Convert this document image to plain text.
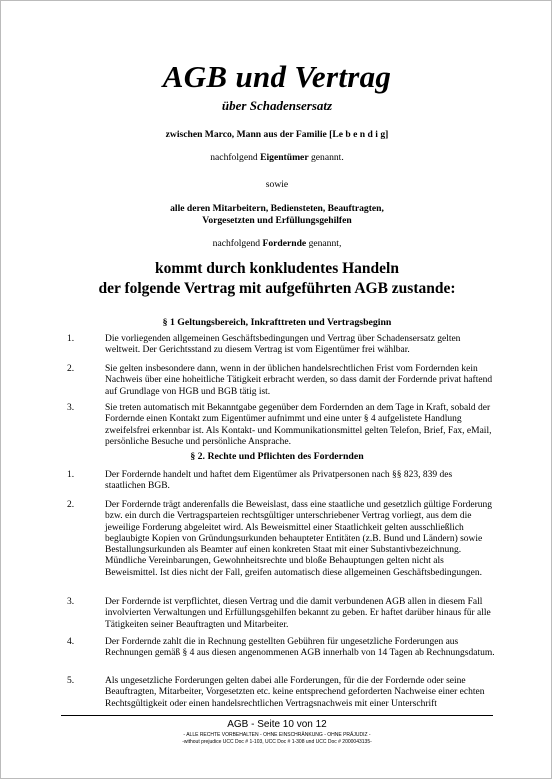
AGB und Vertrag
über Schadensersatz
zwischen Marco, Mann aus der Familie [Le b e n d i g]
nachfolgend Eigentümer genannt.
sowie
alle deren Mitarbeitern, Bediensteten, Beauftragten,
Vorgesetzten und Erfüllungsgehilfen
nachfolgend Fordernde genannt,
kommt durch konkludentes Handeln
der folgende Vertrag mit aufgeführten AGB zustande:
§ 1 Geltungsbereich, Inkrafttreten und Vertragsbeginn
1.	Die vorliegenden allgemeinen Geschäftsbedingungen und Vertrag über Schadensersatz gelten weltweit. Der Gerichtsstand zu diesem Vertrag ist vom Eigentümer frei wählbar.
2.	Sie gelten insbesondere dann, wenn in der üblichen handelsrechtlichen Frist vom Fordernden kein Nachweis über eine hoheitliche Tätigkeit erbracht werden, so dass damit der Fordernde privat haftend auf Grundlage von HGB und BGB tätig ist.
3.	Sie treten automatisch mit Bekanntgabe gegenüber dem Fordernden an dem Tage in Kraft, sobald der Fordernde einen Kontakt zum Eigentümer aufnimmt und eine unter § 4 aufgelistete Handlung zweifelsfrei erkennbar ist. Als Kontakt- und Kommunikationsmittel gelten Telefon, Brief, Fax, eMail, persönliche Besuche und persönliche Ansprache.
§ 2. Rechte und Pflichten des Fordernden
1.	Der Fordernde handelt und haftet dem Eigentümer als Privatpersonen nach §§ 823, 839 des staatlichen BGB.
2.	Der Fordernde trägt anderenfalls die Beweislast, dass eine staatliche und gesetzlich gültige Forderung bzw. ein durch die Vertragsparteien rechtsgültiger unterschriebener Vertrag vorliegt, aus dem die jeweilige Forderung abgeleitet wird. Als Beweismittel einer Staatlichkeit gelten ausschließlich beglaubigte Kopien von Gründungsurkunden behaupteter Entitäten (z.B. Bund und Ländern) sowie Bestallungsurkunden als Beamter auf einen konkreten Staat mit einer Substantivbezeichnung. Mündliche Vereinbarungen, Gewohnheitsrechte und bloße Behauptungen gelten nicht als Beweismittel. Ist dies nicht der Fall, greifen automatisch diese allgemeinen Geschäftsbedingungen.
3.	Der Fordernde ist verpflichtet, diesen Vertrag und die damit verbundenen AGB allen in diesem Fall involvierten Verwaltungen und Erfüllungsgehilfen bekannt zu geben. Er haftet darüber hinaus für alle Tätigkeiten seiner Beauftragten und Mitarbeiter.
4.	Der Fordernde zahlt die in Rechnung gestellten Gebühren für ungesetzliche Forderungen aus Rechnungen gemäß § 4 aus diesen angenommenen AGB innerhalb von 14 Tagen ab Rechnungsdatum.
5.	Als ungesetzliche Forderungen gelten dabei alle Forderungen, für die der Fordernde oder seine Beauftragten, Mitarbeiter, Vorgesetzten etc. keine entsprechend geforderten Nachweise einer echten Rechtsgültigkeit oder einen handelsrechtlichen Vertragsnachweis mit einer Unterschrift
AGB - Seite 10 von 12
- ALLE RECHTE VORBEHALTEN - OHNE EINSCHRÄNKUNG - OHNE PRÄJUDIZ -
-without prejudice UCC Doc # 1-103, UCC Doc # 1-308 und UCC Doc # 2000043135-
